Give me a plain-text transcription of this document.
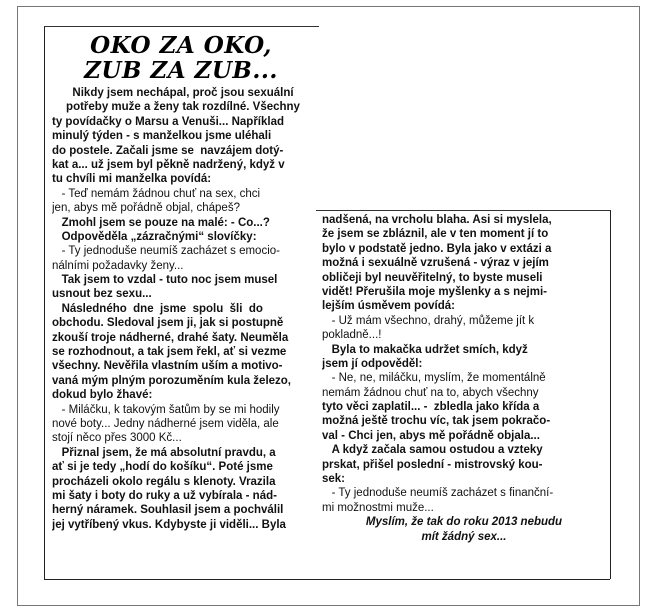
OKO ZA OKO,
ZUB ZA ZUB...
Nikdy jsem nechápal, proč jsou sexuální
potřeby muže a ženy tak rozdílné. Všechny
ty povídačky o Marsu a Venuši... Například
minulý týden - s manželkou jsme uléhali
do postele. Začali jsme se  navzájem dotý-
kat a... už jsem byl pěkně nadržený, když v
tu chvíli mi manželka povídá:
- Teď nemám žádnou chuť na sex, chci
jen, abys mě pořádně objal, chápeš?
Zmohl jsem se pouze na malé: - Co...?
Odpověděla „zázračnými“ slovíčky:
- Ty jednoduše neumíš zacházet s emocio-
nálními požadavky ženy...
Tak jsem to vzdal - tuto noc jsem musel
usnout bez sexu...
Následného  dne  jsme  spolu  šli  do
obchodu. Sledoval jsem ji, jak si postupně
zkouší troje nádherné, drahé šaty. Neuměla
se rozhodnout, a tak jsem řekl, ať si vezme
všechny. Nevěřila vlastním uším a motivo-
vaná mým plným porozuměním kula železo,
dokud bylo žhavé:
- Miláčku, k takovým šatům by se mi hodily
nové boty... Jedny nádherné jsem viděla, ale
stojí něco přes 3000 Kč...
Přiznal jsem, že má absolutní pravdu, a
ať si je tedy „hodí do košíku“. Poté jsme
procházeli okolo regálu s klenoty. Vrazila
mi šaty i boty do ruky a už vybírala - nád-
herný náramek. Souhlasil jsem a pochválil
jej vytříbený vkus. Kdybyste ji viděli... Byla
nadšená, na vrcholu blaha. Asi si myslela,
že jsem se zbláznil, ale v ten moment jí to
bylo v podstatě jedno. Byla jako v extázi a
možná i sexuálně vzrušená - výraz v jejím
obličeji byl neuvěřitelný, to byste museli
vidět! Přerušila moje myšlenky a s nejmi-
lejším úsměvem povídá:
- Už mám všechno, drahý, můžeme jít k
pokladně...!
Byla to makačka udržet smích, když
jsem jí odpověděl:
- Ne, ne, miláčku, myslím, že momentálně
nemám žádnou chuť na to, abych všechny
tyto věci zaplatil... -  zbledla jako křída a
možná ještě trochu víc, tak jsem pokračo-
val - Chci jen, abys mě pořádně objala...
A když začala samou ostudou a vzteky
prskat, přišel poslední - mistrovský kou-
sek:
- Ty jednoduše neumíš zacházet s finanční-
mi možnostmi muže...
Myslím, že tak do roku 2013 nebudu
mít žádný sex...
